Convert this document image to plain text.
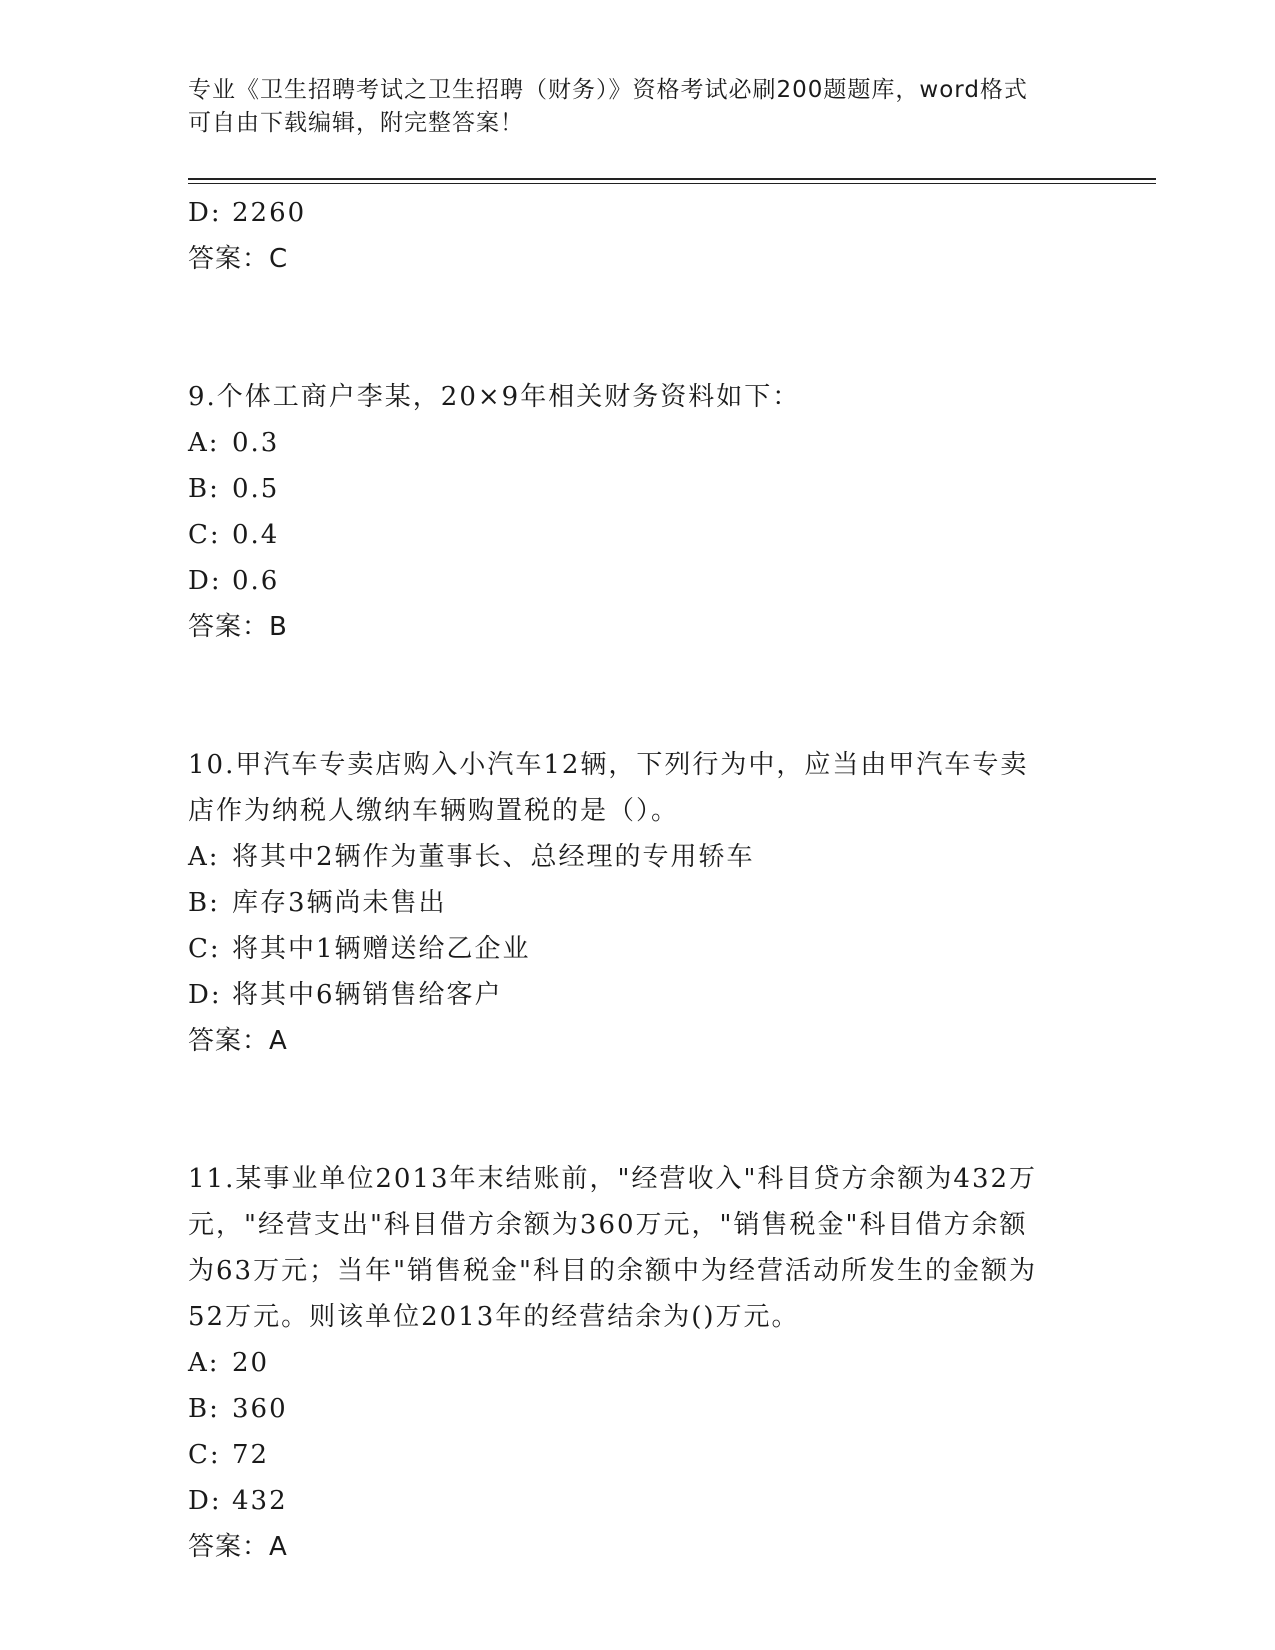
专业《卫生招聘考试之卫生招聘（财务）》资格考试必刷200题题库，word格式
可自由下载编辑，附完整答案！
D: 2260
答案：C
9.个体工商户李某，20×9年相关财务资料如下：
A: 0.3
B: 0.5
C: 0.4
D: 0.6
答案：B
10.甲汽车专卖店购入小汽车12辆，下列行为中，应当由甲汽车专卖
店作为纳税人缴纳车辆购置税的是（）。
A: 将其中2辆作为董事长、总经理的专用轿车
B: 库存3辆尚未售出
C: 将其中1辆赠送给乙企业
D: 将其中6辆销售给客户
答案：A
11.某事业单位2013年末结账前，"经营收入"科目贷方余额为432万
元，"经营支出"科目借方余额为360万元，"销售税金"科目借方余额
为63万元；当年"销售税金"科目的余额中为经营活动所发生的金额为
52万元。则该单位2013年的经营结余为()万元。
A: 20
B: 360
C: 72
D: 432
答案：A
